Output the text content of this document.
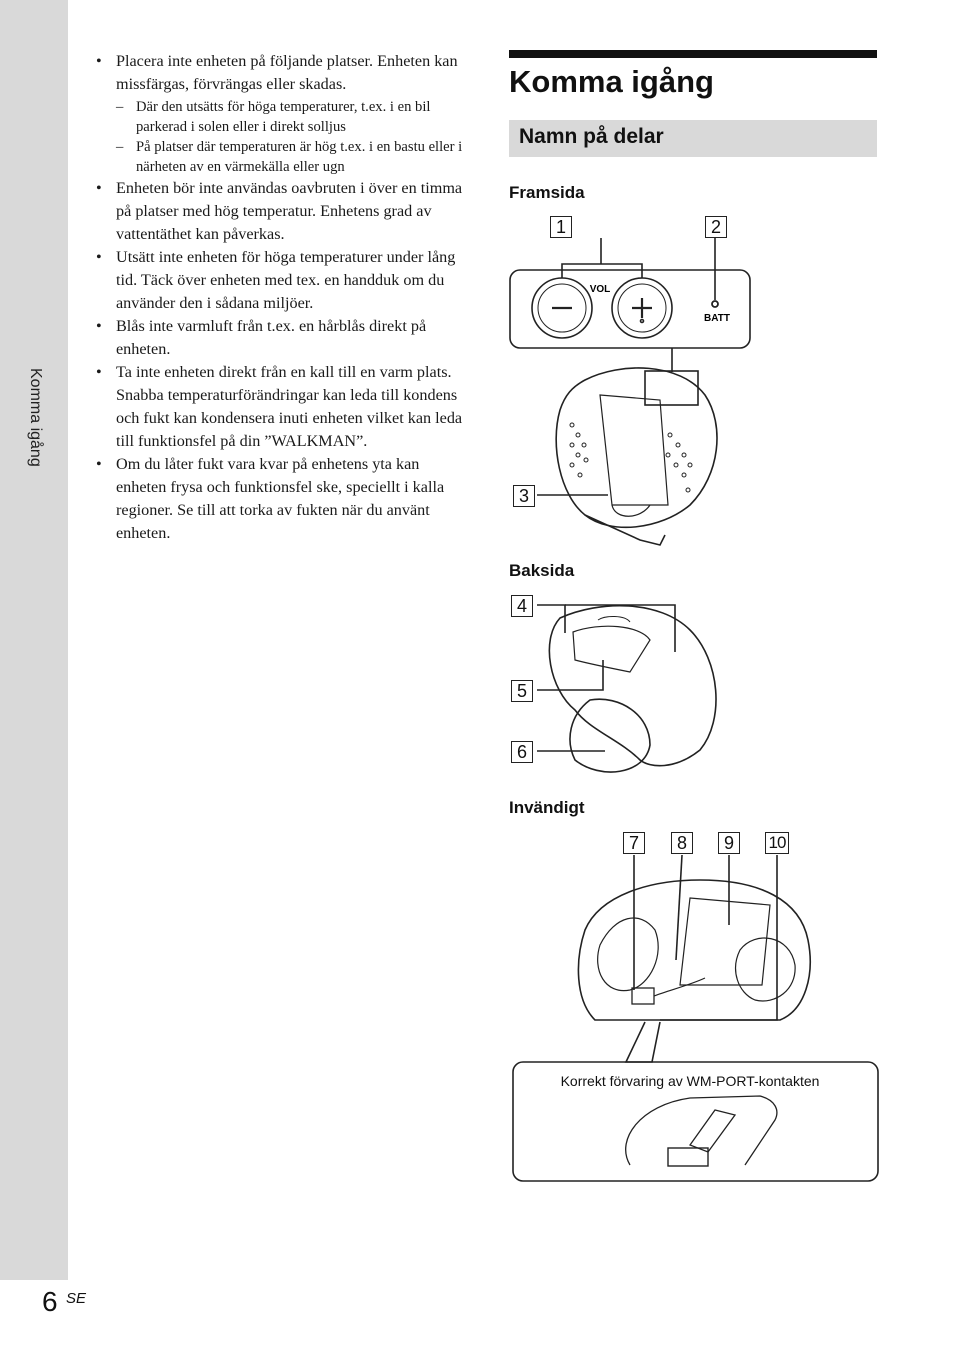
6 SE
• Placera inte enheten på följande platser. Enheten kan missfärgas, förvrängas eller skadas.
– Där den utsätts för höga temperaturer, t.ex. i en bil parkerad i solen eller i direkt solljus
– På platser där temperaturen är hög t.ex. i en bastu eller i närheten av en värmekälla eller ugn
• Enheten bör inte användas oavbruten i över en timma på platser med hög temperatur. Enhetens grad av vattentäthet kan påverkas.
• Utsätt inte enheten för höga temperaturer under lång tid. Täck över enheten med tex. en handduk om du använder den i sådana miljöer.
• Blås inte varmluft från t.ex. en hårblås direkt på enheten.
• Ta inte enheten direkt från en kall till en varm plats. Snabba temperaturförändringar kan leda till kondens och fukt kan kondensera inuti enheten vilket kan leda till funktionsfel på din ”WALKMAN”.
• Om du låter fukt vara kvar på enhetens yta kan enheten frysa och funktionsfel ske, speciellt i kalla regioner. Se till att torka av fukten när du använt enheten.
Komma igång
Namn på delar
Framsida
Baksida
Invändigt
VOL
BATT
1	2
3
4
5
6
7	8	9	10
Korrekt förvaring av WM-PORT-kontakten
